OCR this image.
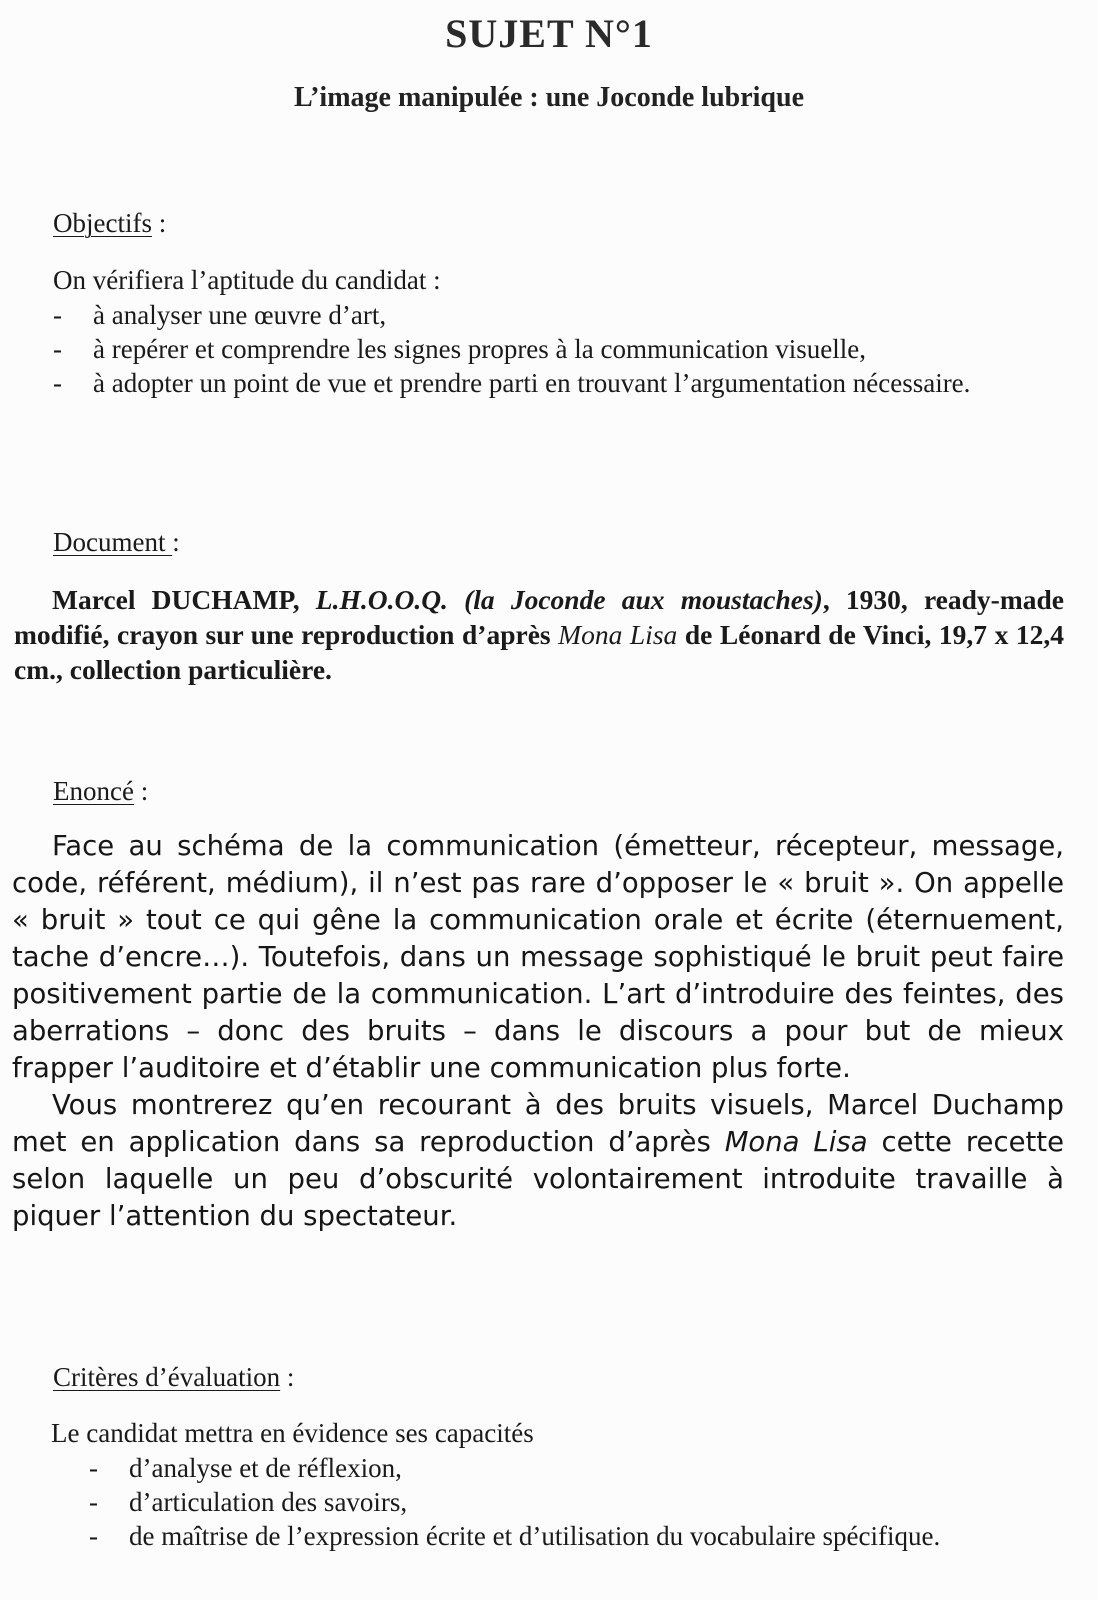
SUJET N°1
L’image manipulée : une Joconde lubrique
Objectifs :
On vérifiera l’aptitude du candidat :
- à analyser une œuvre d’art,
- à repérer et comprendre les signes propres à la communication visuelle,
- à adopter un point de vue et prendre parti en trouvant l’argumentation nécessaire.
Document :
Marcel DUCHAMP, L.H.O.O.Q. (la Joconde aux moustaches), 1930, ready-made modifié, crayon sur une reproduction d’après Mona Lisa de Léonard de Vinci, 19,7 x 12,4 cm., collection particulière.
Enoncé :

Face au schéma de la communication (émetteur, récepteur, message, code, référent, médium), il n’est pas rare d’opposer le « bruit ». On appelle « bruit » tout ce qui gêne la communication orale et écrite (éternuement, tache d’encre…). Toutefois, dans un message sophistiqué le bruit peut faire positivement partie de la communication. L’art d’introduire des feintes, des aberrations – donc des bruits – dans le discours a pour but de mieux frapper l’auditoire et d’établir une communication plus forte.

Vous montrerez qu’en recourant à des bruits visuels, Marcel Duchamp met en application dans sa reproduction d’après Mona Lisa cette recette selon laquelle un peu d’obscurité volontairement introduite travaille à piquer l’attention du spectateur.

Critères d’évaluation :
Le candidat mettra en évidence ses capacités
- d’analyse et de réflexion,
- d’articulation des savoirs,
- de maîtrise de l’expression écrite et d’utilisation du vocabulaire spécifique.
